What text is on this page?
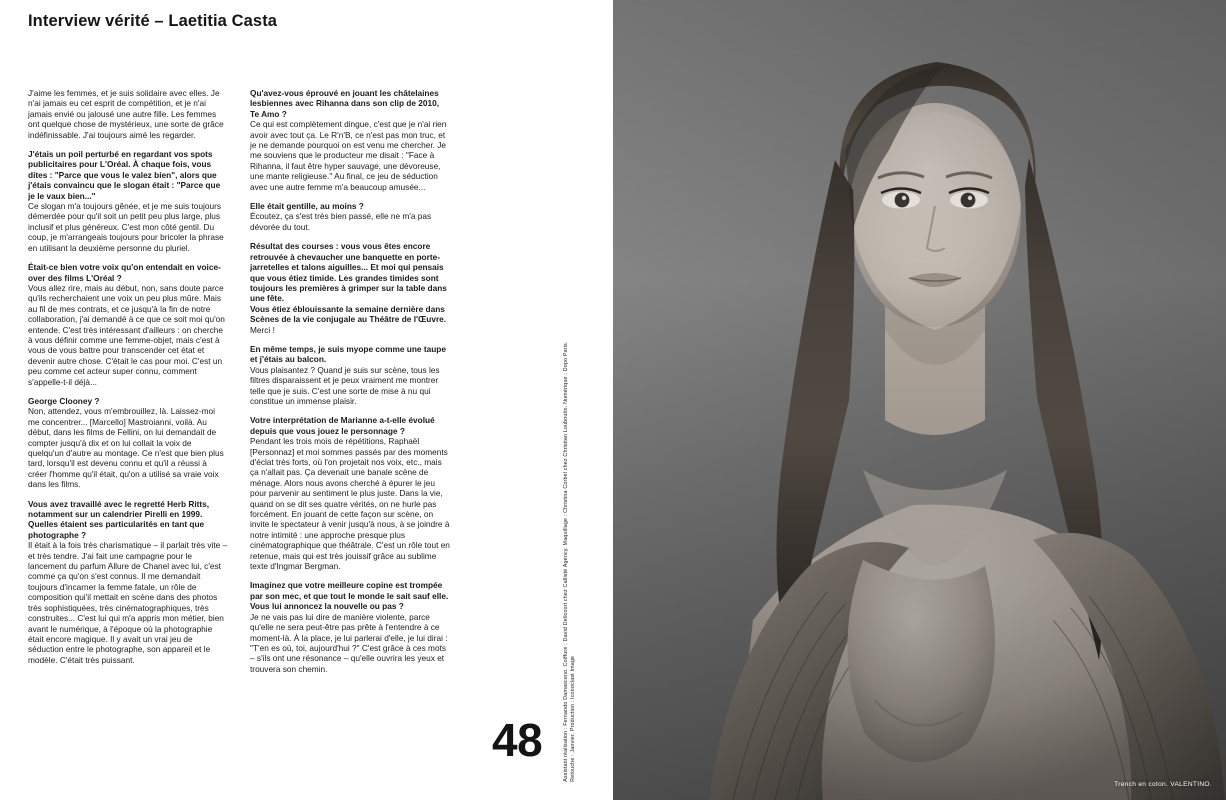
Interview vérité – Laetitia Casta

J'aime les femmes, et je suis solidaire avec elles. Je n'ai jamais eu cet esprit de compétition, et je n'ai jamais envié ou jalousé une autre fille. Les femmes ont quelque chose de mystérieux, une sorte de grâce indéfinissable. J'ai toujours aimé les regarder.

J'étais un poil perturbé en regardant vos spots publicitaires pour L'Oréal. À chaque fois, vous dites : "Parce que vous le valez bien", alors que j'étais convaincu que le slogan était : "Parce que je le vaux bien..."

Ce slogan m'a toujours gênée, et je me suis toujours démerdée pour qu'il soit un petit peu plus large, plus inclusif et plus généreux. C'est mon côté gentil. Du coup, je m'arrangeais toujours pour bricoler la phrase en utilisant la deuxième personne du pluriel.

Était-ce bien votre voix qu'on entendait en voice-over des films L'Oréal ?

Vous allez rire, mais au début, non, sans doute parce qu'ils recherchaient une voix un peu plus mûre. Mais au fil de mes contrats, et ce jusqu'à la fin de notre collaboration, j'ai demandé à ce que ce soit moi qu'on entende. C'est très intéressant d'ailleurs : on cherche à vous définir comme une femme-objet, mais c'est à vous de vous battre pour transcender cet état et devenir autre chose. C'était le cas pour moi. C'est un peu comme cet acteur super connu, comment s'appelle-t-il déjà...

George Clooney ?

Non, attendez, vous m'embrouillez, là. Laissez-moi me concentrer... [Marcello] Mastroianni, voilà. Au début, dans les films de Fellini, on lui demandait de compter jusqu'à dix et on lui collait la voix de quelqu'un d'autre au montage. Ce n'est que bien plus tard, lorsqu'il est devenu connu et qu'il a réussi à créer l'homme qu'il était, qu'on a utilisé sa vraie voix dans les films.

Vous avez travaillé avec le regretté Herb Ritts, notamment sur un calendrier Pirelli en 1999. Quelles étaient ses particularités en tant que photographe ?

Il était à la fois très charismatique – il parlait très vite – et très tendre. J'ai fait une campagne pour le lancement du parfum Allure de Chanel avec lui, c'est comme ça qu'on s'est connus. Il me demandait toujours d'incarner la femme fatale, un rôle de composition qui'il mettait en scène dans des photos très sophistiquées, très cinématographiques, très construites... C'est lui qui m'a appris mon métier, bien avant le numérique, à l'époque où la photographie était encore magique. Il y avait un vrai jeu de séduction entre le photographe, son appareil et le modèle. C'était très puissant.

Qu'avez-vous éprouvé en jouant les châtelaines lesbiennes avec Rihanna dans son clip de 2010, Te Amo ?

Ce qui est complètement dingue, c'est que je n'ai rien avoir avec tout ça. Le R'n'B, ce n'est pas mon truc, et je ne demande pourquoi on est venu me chercher. Je me souviens que le producteur me disait : "Face à Rihanna, il faut être hyper sauvage, une dévoreuse, une mante religieuse." Au final, ce jeu de séduction avec une autre femme m'a beaucoup amusée...

Elle était gentille, au moins ?

Écoutez, ça s'est très bien passé, elle ne m'a pas dévorée du tout.

Résultat des courses : vous vous êtes encore retrouvée à chevaucher une banquette en porte-jarretelles et talons aiguilles... Et moi qui pensais que vous étiez timide. Les grandes timides sont toujours les premières à grimper sur la table dans une fête.

Vous étiez éblouissante la semaine dernière dans Scènes de la vie conjugale au Théâtre de l'Œuvre.

Merci !

En même temps, je suis myope comme une taupe et j'étais au balcon.

Vous plaisantez ? Quand je suis sur scène, tous les filtres disparaissent et je peux vraiment me montrer telle que je suis. C'est une sorte de mise à nu qui constitue un immense plaisir.

Votre interprétation de Marianne a-t-elle évolué depuis que vous jouez le personnage ?

Pendant les trois mois de répétitions, Raphaël [Personnaz] et moi sommes passés par des moments d'éclat très forts, où l'on projetait nos voix, etc., mais ça n'allait pas. Ça devenait une banale scène de ménage. Alors nous avons cherché à épurer le jeu pour parvenir au sentiment le plus juste. Dans la vie, quand on se dit ses quatre vérités, on ne hurle pas forcément. En jouant de cette façon sur scène, on invite le spectateur à venir jusqu'à nous, à se joindre à notre intimité : une approche presque plus cinématographique que théâtrale. C'est un rôle tout en retenue, mais qui est très jouissif grâce au sublime texte d'Ingmar Bergman.

Imaginez que votre meilleure copine est trompée par son mec, et que tout le monde le sait sauf elle. Vous lui annoncez la nouvelle ou pas ?

Je ne vais pas lui dire de manière violente, parce qu'elle ne sera peut-être pas prête à l'entendre à ce moment-là. À la place, je lui parlerai d'elle, je lui dirai : "T'en es où, toi, aujourd'hui ?" C'est grâce à ces mots – s'ils ont une résonance – qu'elle ouvrira les yeux et trouvera son chemin.

48	Assistant réalisation : Fernando Damasceno. Coiffure : David Delicourt chez Callisté Agency. Maquillage : Christina Corbel chez Christian Louboutin. Numérique : Dopo Paris. Retouche : Janvier. Production : Iconoclast Image
Trench en coton. VALENTINO.
